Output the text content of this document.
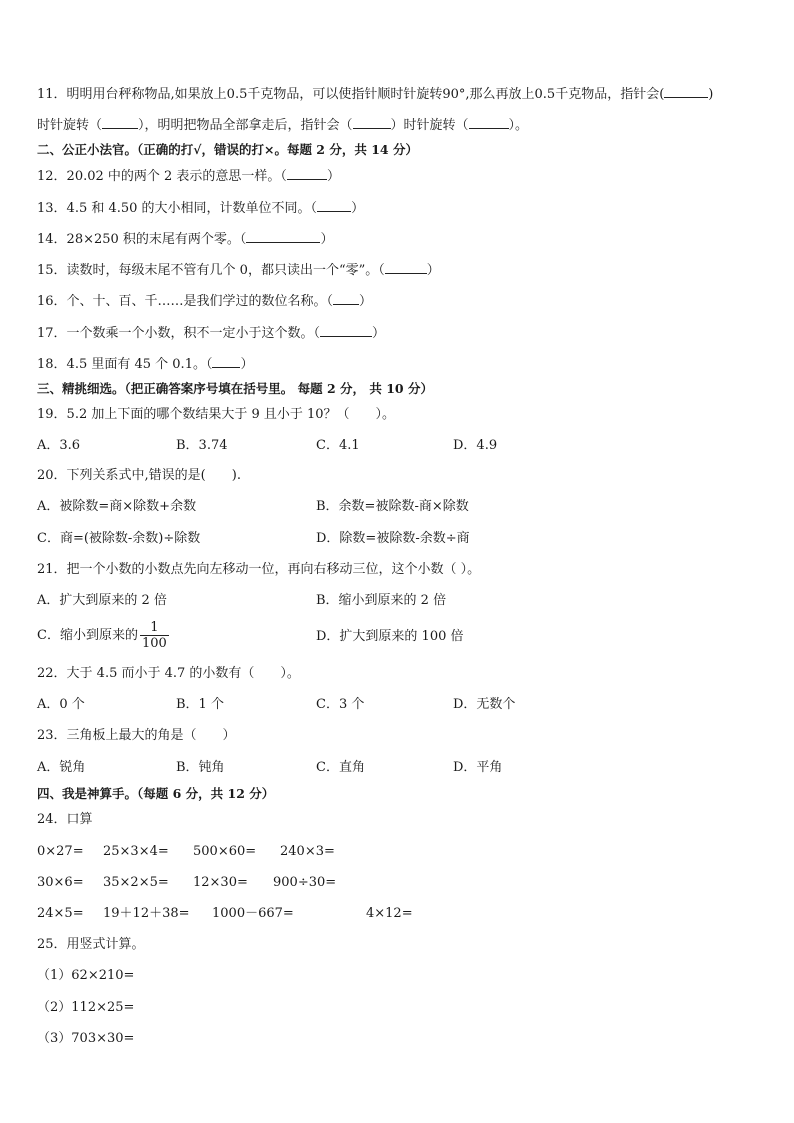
11．明明用台秤称物品,如果放上0.5千克物品，可以使指针顺时针旋转90°,那么再放上0.5千克物品，指针会(	)
时针旋转（	），明明把物品全部拿走后，指针会（	）时针旋转（	）。
二、公正小法官。（正确的打√，错误的打×。每题 2 分，共 14 分）
12．20.02 中的两个 2 表示的意思一样。（	）
13．4.5 和 4.50 的大小相同，计数单位不同。（	）
14．28×250 积的末尾有两个零。（	）
15．读数时，每级末尾不管有几个 0，都只读出一个“零”。（	）
16．个、十、百、千……是我们学过的数位名称。（ ）
17．一个数乘一个小数，积不一定小于这个数。（	）
18．4.5 里面有 45 个 0.1。（ ）
三、精挑细选。（把正确答案序号填在括号里。 每题 2 分， 共 10 分）
19．5.2 加上下面的哪个数结果大于 9 且小于 10？（　　）。
A．3.6	B．3.74	C．4.1	D．4.9
20．下列关系式中,错误的是(　　).
A．被除数=商×除数+余数	B．余数=被除数-商×除数
C．商=(被除数-余数)÷除数	D．除数=被除数-余数÷商
21．把一个小数的小数点先向左移动一位，再向右移动三位，这个小数（ ）。
A．扩大到原来的 2 倍	B．缩小到原来的 2 倍
C．缩小到原来的 $\frac{1}{100}$	D．扩大到原来的 100 倍
22．大于 4.5 而小于 4.7 的小数有（　　）。
A．0 个	B．1 个	C．3 个	D．无数个
23．三角板上最大的角是（　　）
A．锐角	B．钝角	C．直角	D．平角
四、我是神算手。（每题 6 分，共 12 分）
24．口算
0×27= 25×3×4= 500×60= 240×3=
30×6= 35×2×5= 12×30= 900÷30=
24×5= 19＋12＋38= 1000－667=	4×12=
25．用竖式计算。
（1）62×210=
（2）112×25=
（3）703×30=
